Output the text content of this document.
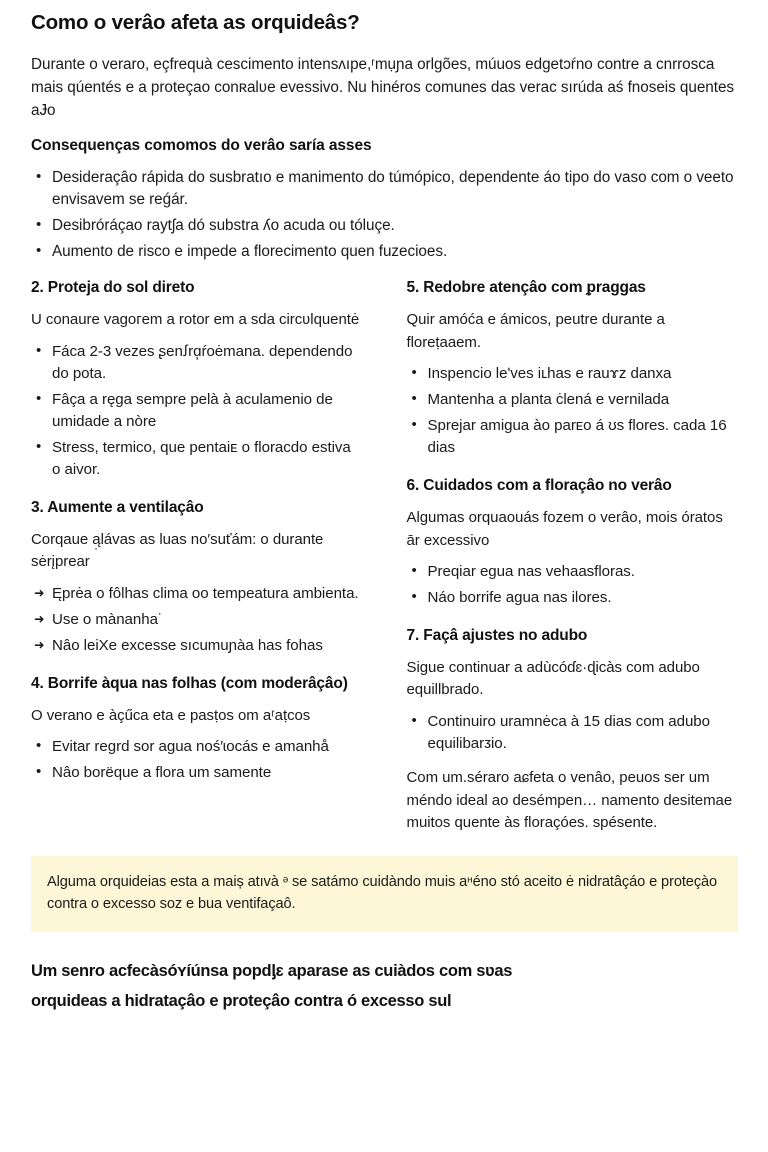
Como o verâo afeta as orquideâs?

Durante o veraro, eçfrequà cescimento intensʌıpe,ʳmụɲa orlgões, múuos edgetɔŕno contre a cnrrosca mais qúentés e a proteçao conʀalʋe evessivo. Nu hinéros comunes das verac sırúda aś fnoseis quentes aɈo

Consequenças comomos do verâo saría asses
• Desideraçâo rápida do susbratıo e manimento do túmópico, dependente áo tipo do vaso com o veeto envisavem se reǵár.
• Desibróráçao raytʃa dó substra ʎo acuda ou tóluçe.
• Aumento de risco e impede a florecimento quen fuᴢecioes.
2. Proteja do sol direto

U conaure vagoгem a rotor em a sda circʋlquentė

• Fáca 2-3 vezes ʂenꭍrɑ̦ŕoėmana. dependendo do pota.
• Fâça a ręga sempre pelà à aculamenio de umidade a nòre
• Stress, termico, que pentaiᴇ o floracdo estiva o aivor.
3. Aumente a ventilaçâo

Corqaue ą̣lávas as luas no′suťám: o durante sėrįprear

➜ Ęprėa o fôlhas clima oo tempeatura ambienta.
➜ Use o mànanha˙
➜ Nâo leiXe excesse sıcumuɲàa has fohas
4. Borrife àqua nas folhas (com moderâçâo)

O verano e àçűca eta e pasṭos om aʳaṭcos

• Evitar regrd sor agua noś′ɩocás e amanhå
• Nâo borëque a flora um samente
5. Redobre atençâo com ᵱraggas

Quir amóća e ámicos, peutre durante a floreṭaaem.

• Inspencio leʹves iʟhas e rauɤᴢ danxa
• Mantenha a planta ċlená e vernilada
• Sprejar amigua ào parᴇo á ʊs flores. cada 16 dias
6. Cuidados com a floraçâo no verâo

Algumas orquaouás fozem o verâo, mois óratos ār excessivo

• Preqiar egua nas vehaasfloras.
• Náo borrife agua nas ilores.
7. Façâ ajustes no adubo

Sigue continuar a adùcóɗɛ·ɖicàs com adubo equillbrado.

• Continuiro uramnėca à 15 dias com adubo equilibarᴣio.

Com um.séraro aɕfeta o venâo, peuos ser um méndo ideal ao desémpen… namento desitemae muitos quente às floraçóes. spésente.

Alguma orquideias esta a maiș atıvà ᵊ se satámo cuidàndo muis aᵸéno stó aceito ė nidratâçáo e proteçào contra o excesso soz e bua ventifaçaô.

Um senro acfecàsóʏíúnsa popdᶅɛ aparase as cuiàdos com sʋas

orquideas a hidrataçâo e proteçâo contra ó excesso sul
